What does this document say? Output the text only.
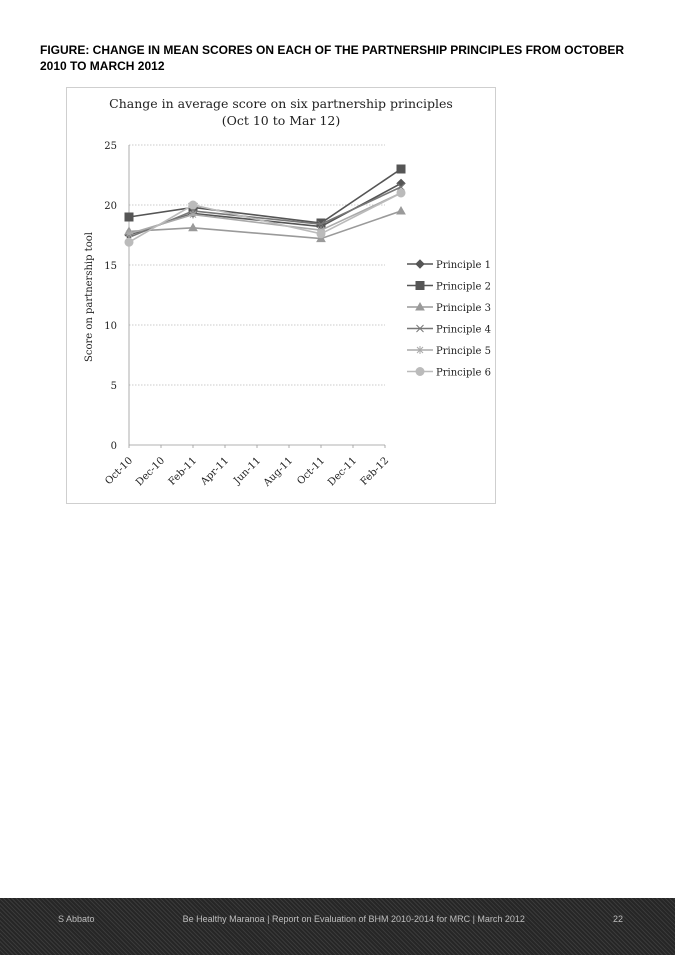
FIGURE: CHANGE IN MEAN SCORES ON EACH OF THE PARTNERSHIP PRINCIPLES FROM OCTOBER 2010 TO MARCH 2012
Change in average score on six partnership principles
(Oct 10 to Mar 12)
Score on partnership tool
0
5
10
15
20
25
Oct-10 Dec-10 Feb-11 Apr-11 Jun-11
Aug-11 Oct-11 Dec-11 Feb-12
Principle 1
Principle 2
Principle 3
Principle 4
Principle 5
Principle 6
S Abbato	Be Healthy Maranoa | Report on Evaluation of BHM 2010-2014 for MRC | March 2012	22
